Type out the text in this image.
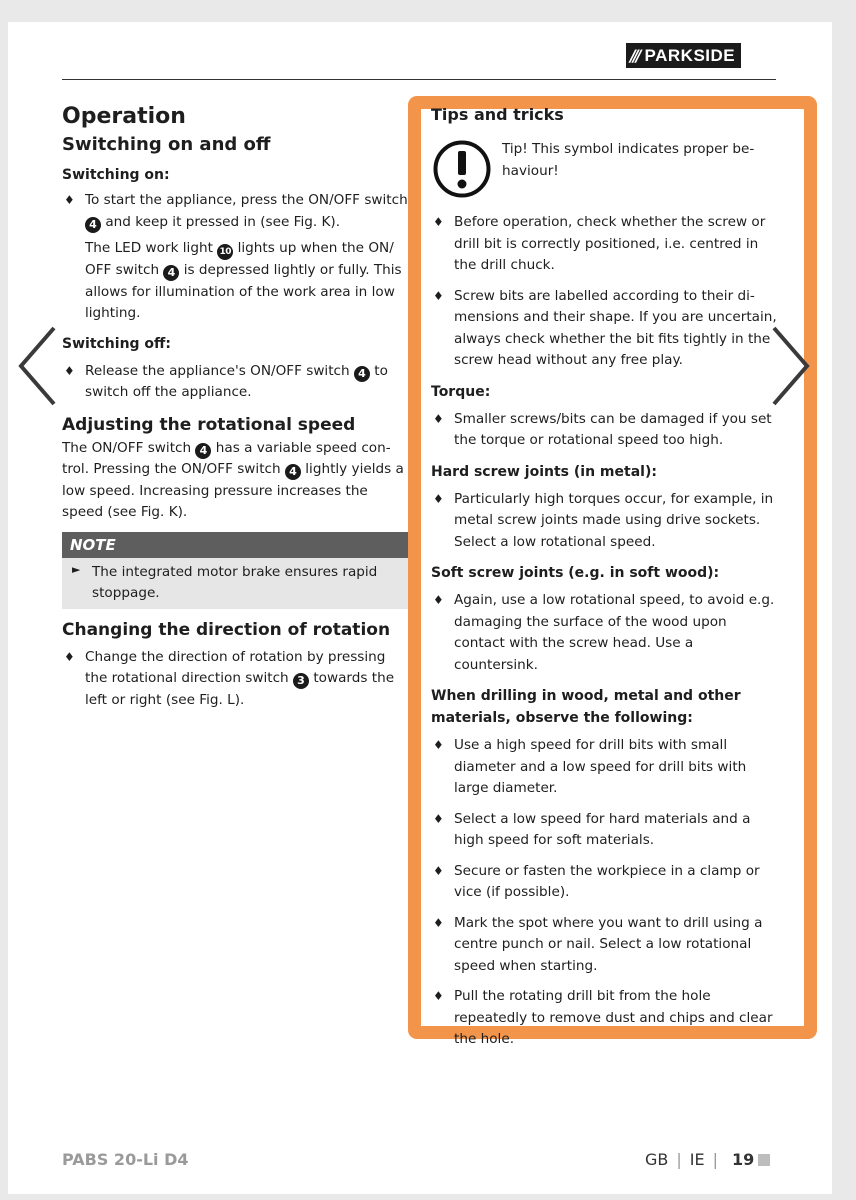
/// PARKSIDE
Operation
Switching on and off
Switching on:
♦ To start the appliance, press the ON/OFF switch 4 and keep it pressed in (see Fig. K).

The LED work light 10 lights up when the ON/ OFF switch 4 is depressed lightly or fully. This allows for illumination of the work area in low lighting.

Switching off:
♦ Release the appliance's ON/OFF switch 4 to switch off the appliance.
Adjusting the rotational speed

The ON/OFF switch 4 has a variable speed con-trol. Pressing the ON/OFF switch 4 lightly yields a low speed. Increasing pressure increases the speed (see Fig. K).

NOTE
► The integrated motor brake ensures rapid stoppage.

Changing the direction of rotation
♦ Change the direction of rotation by pressing the rotational direction switch 3 towards the left or right (see Fig. L).
Tips and tricks

Tip! This symbol indicates proper be-haviour!

♦ Before operation, check whether the screw or drill bit is correctly positioned, i.e. centred in the drill chuck.
♦ Screw bits are labelled according to their di-mensions and their shape. If you are uncertain, always check whether the bit fits tightly in the screw head without any free play.
Torque:
♦ Smaller screws/bits can be damaged if you set the torque or rotational speed too high.
Hard screw joints (in metal):
♦ Particularly high torques occur, for example, in metal screw joints made using drive sockets. Select a low rotational speed.
Soft screw joints (e.g. in soft wood):
♦ Again, use a low rotational speed, to avoid e.g. damaging the surface of the wood upon contact with the screw head. Use a countersink.
When drilling in wood, metal and other materials, observe the following:
♦ Use a high speed for drill bits with small diameter and a low speed for drill bits with large diameter.
♦ Select a low speed for hard materials and a high speed for soft materials.
♦ Secure or fasten the workpiece in a clamp or vice (if possible).
♦ Mark the spot where you want to drill using a centre punch or nail. Select a low rotational speed when starting.
♦ Pull the rotating drill bit from the hole repeatedly to remove dust and chips and clear the hole.
PABS 20-Li D4	GB | IE | 19
